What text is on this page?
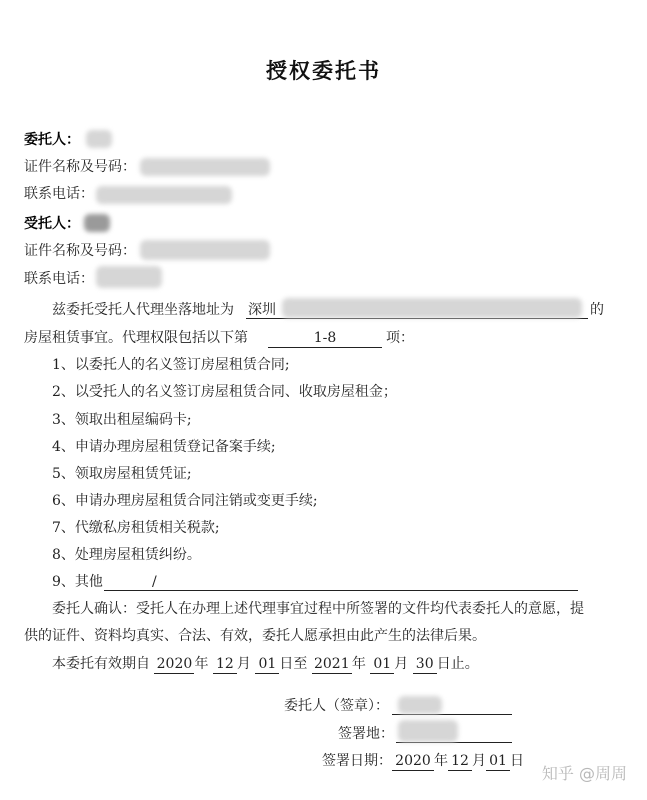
授权委托书
委托人：
证件名称及号码：
联系电话：
受托人：
证件名称及号码：
联系电话：
兹委托受托人代理坐落地址为 深圳	的
房屋租赁事宜。代理权限包括以下第	1-8	项：
1、以委托人的名义签订房屋租赁合同;
2、以受托人的名义签订房屋租赁合同、收取房屋租金；
3、领取出租屋编码卡;
4、申请办理房屋租赁登记备案手续;
5、领取房屋租赁凭证;
6、申请办理房屋租赁合同注销或变更手续;
7、代缴私房租赁相关税款;
8、处理房屋租赁纠纷。
9、其他	/
委托人确认：受托人在办理上述代理事宜过程中所签署的文件均代表委托人的意愿，提
供的证件、资料均真实、合法、有效，委托人愿承担由此产生的法律后果。
本委托有效期自 2020 年 12 月 01 日至 2021 年 01 月 30 日止。
委托人（签章）：
签署地：
签署日期： 2020 年 12 月 01 日
知乎 @周周
